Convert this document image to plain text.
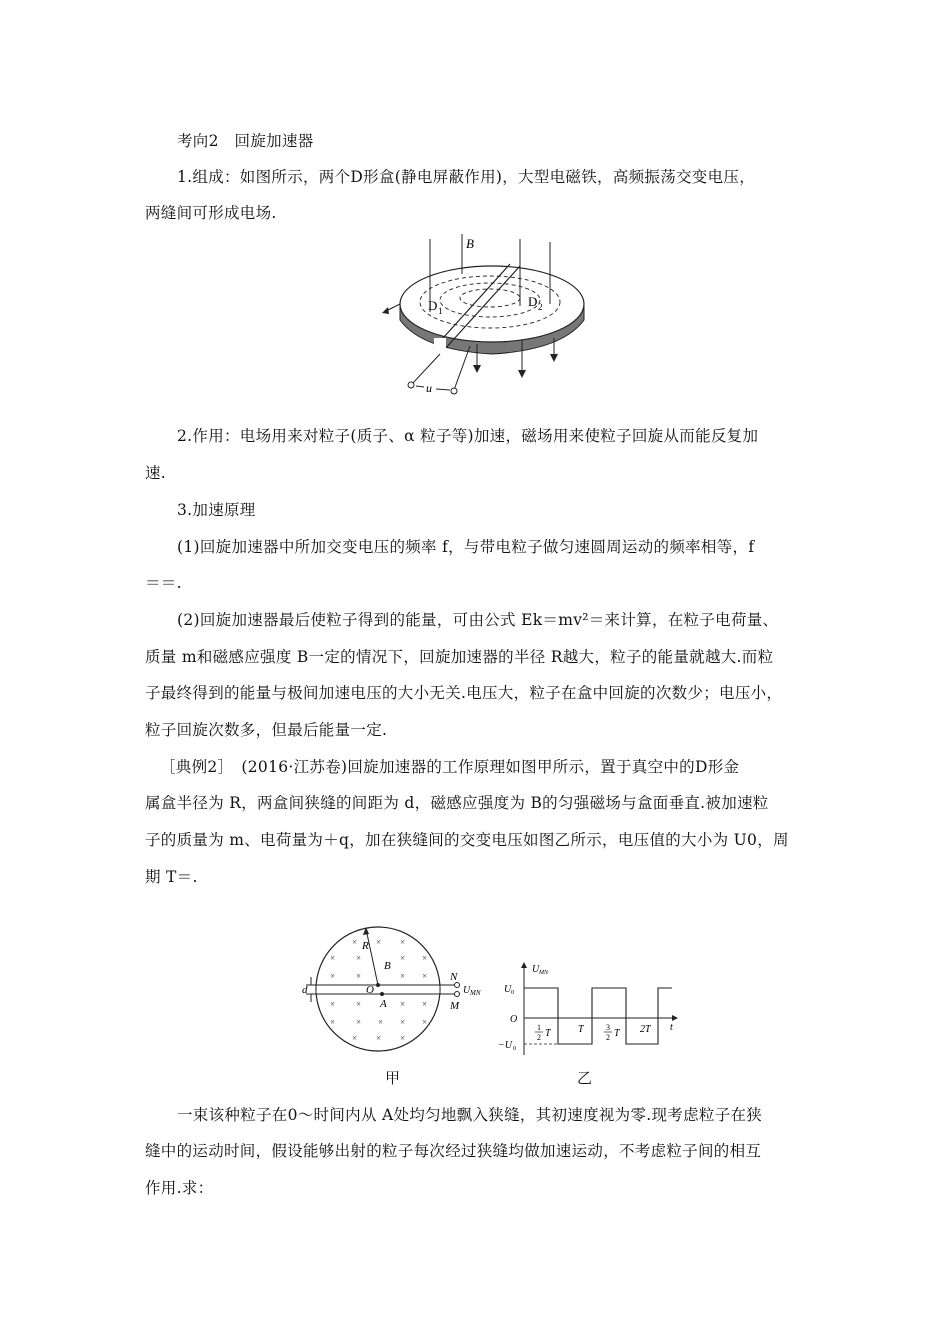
考向2　回旋加速器
1.组成：如图所示，两个D形盒(静电屏蔽作用)，大型电磁铁，高频振荡交变电压，
两缝间可形成电场.
B
D 1
D 2
u
2.作用：电场用来对粒子(质子、α 粒子等)加速，磁场用来使粒子回旋从而能反复加
速.
3.加速原理
(1)回旋加速器中所加交变电压的频率 f，与带电粒子做匀速圆周运动的频率相等，f
＝＝.
(2)回旋加速器最后使粒子得到的能量，可由公式 Ek＝mv²＝来计算，在粒子电荷量、
质量 m和磁感应强度 B一定的情况下，回旋加速器的半径 R越大，粒子的能量就越大.而粒
子最终得到的能量与极间加速电压的大小无关.电压大，粒子在盒中回旋的次数少；电压小，
粒子回旋次数多，但最后能量一定.
［典例2］　(2016·江苏卷)回旋加速器的工作原理如图甲所示，置于真空中的D形金
属盒半径为 R，两盒间狭缝的间距为 d，磁感应强度为 B的匀强磁场与盒面垂直.被加速粒
子的质量为 m、电荷量为＋q，加在狭缝间的交变电压如图乙所示，电压值的大小为 U0，周
期 T＝.
× × ×
× ×	× ×
× ×	× ×
× ×	× ×
× × × × ×
× × ×
R
B
O
A
d
N
M
U MN
甲
U MN
U 0
O
−U 0
1
2 T	T	3
2 T 2T t
乙
一束该种粒子在0～时间内从 A处均匀地飘入狭缝，其初速度视为零.现考虑粒子在狭
缝中的运动时间，假设能够出射的粒子每次经过狭缝均做加速运动，不考虑粒子间的相互
作用.求：
